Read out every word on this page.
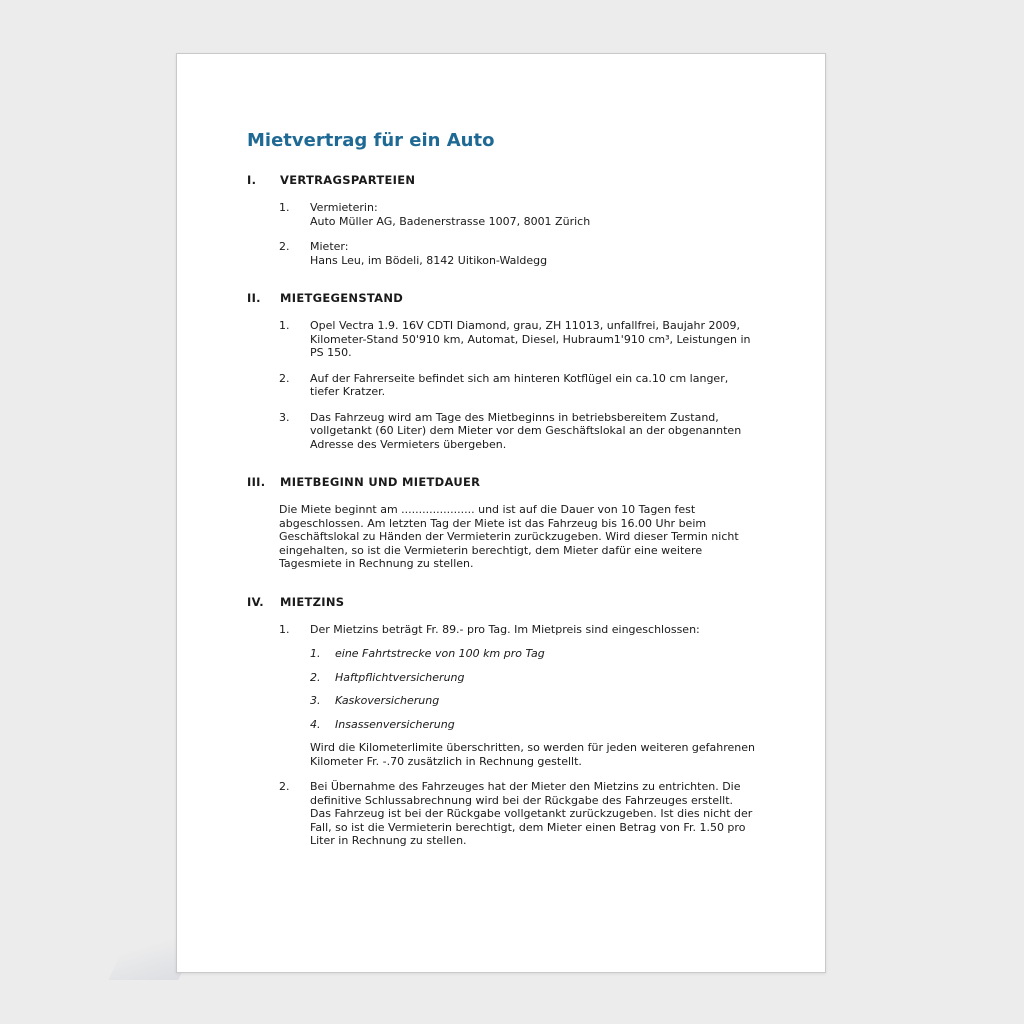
Mietvertrag für ein Auto
I.	VERTRAGSPARTEIEN
1.	Vermieterin:
Auto Müller AG, Badenerstrasse 1007, 8001 Zürich
2.	Mieter:
Hans Leu, im Bödeli, 8142 Uitikon-Waldegg
II.	MIETGEGENSTAND
1.	Opel Vectra 1.9. 16V CDTI Diamond, grau, ZH 11013, unfallfrei, Baujahr 2009, Kilometer-Stand 50'910 km, Automat, Diesel, Hubraum1'910 cm³, Leistungen in PS 150.
2.	Auf der Fahrerseite befindet sich am hinteren Kotflügel ein ca.10 cm langer, tiefer Kratzer.
3.	Das Fahrzeug wird am Tage des Mietbeginns in betriebsbereitem Zustand, vollgetankt (60 Liter) dem Mieter vor dem Geschäftslokal an der obgenannten Adresse des Vermieters übergeben.
III.	MIETBEGINN UND MIETDAUER
Die Miete beginnt am ..................... und ist auf die Dauer von 10 Tagen fest abgeschlossen. Am letzten Tag der Miete ist das Fahrzeug bis 16.00 Uhr beim Geschäftslokal zu Händen der Vermieterin zurückzugeben. Wird dieser Termin nicht eingehalten, so ist die Vermieterin berechtigt, dem Mieter dafür eine weitere Tagesmiete in Rechnung zu stellen.
IV.	MIETZINS
1.	Der Mietzins beträgt Fr. 89.- pro Tag. Im Mietpreis sind eingeschlossen:
1.	eine Fahrtstrecke von 100 km pro Tag
2.	Haftpflichtversicherung
3.	Kaskoversicherung
4.	Insassenversicherung
Wird die Kilometerlimite überschritten, so werden für jeden weiteren gefahrenen Kilometer Fr. -.70 zusätzlich in Rechnung gestellt.
2.	Bei Übernahme des Fahrzeuges hat der Mieter den Mietzins zu entrichten. Die definitive Schlussabrechnung wird bei der Rückgabe des Fahrzeuges erstellt. Das Fahrzeug ist bei der Rückgabe vollgetankt zurückzugeben. Ist dies nicht der Fall, so ist die Vermieterin berechtigt, dem Mieter einen Betrag von Fr. 1.50 pro Liter in Rechnung zu stellen.
